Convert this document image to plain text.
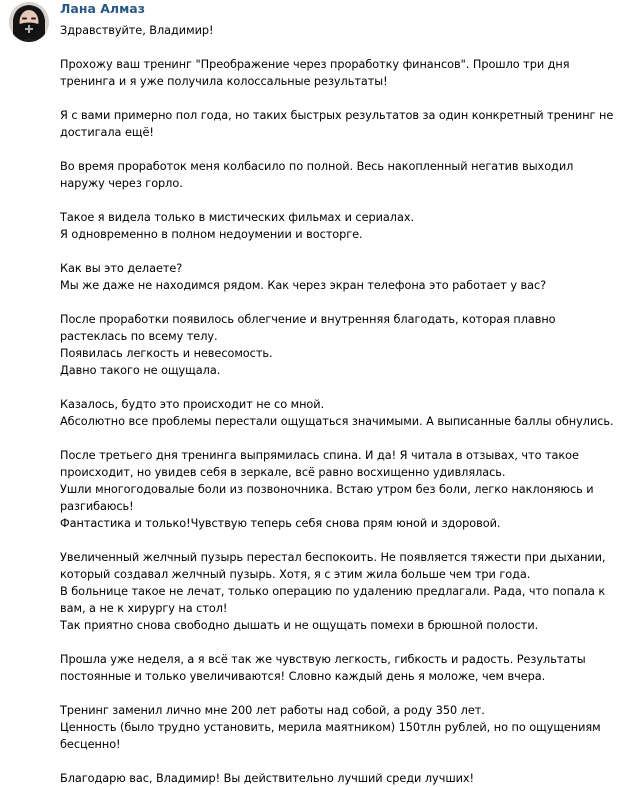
Лана Алмаз

Здравствуйте, Владимир!

Прохожу ваш тренинг "Преображение через проработку финансов". Прошло три дня тренинга и я уже получила колоссальные результаты!

Я с вами примерно пол года, но таких быстрых результатов за один конкретный тренинг не достигала ещё!

Во время проработок меня колбасило по полной. Весь накопленный негатив выходил наружу через горло.

Такое я видела только в мистических фильмах и сериалах.
Я одновременно в полном недоумении и восторге.

Как вы это делаете?
Мы же даже не находимся рядом. Как через экран телефона это работает у вас?

После проработки появилось облегчение и внутренняя благодать, которая плавно растеклась по всему телу.
Появилась легкость и невесомость.
Давно такого не ощущала.

Казалось, будто это происходит не со мной.
Абсолютно все проблемы перестали ощущаться значимыми. А выписанные баллы обнулись.

После третьего дня тренинга выпрямилась спина. И да! Я читала в отзывах, что такое происходит, но увидев себя в зеркале, всё равно восхищенно удивлялась.
Ушли многогодовалые боли из позвоночника. Встаю утром без боли, легко наклоняюсь и разгибаюсь!
Фантастика и только!Чувствую теперь себя снова прям юной и здоровой.

Увеличенный желчный пузырь перестал беспокоить. Не появляется тяжести при дыхании, который создавал желчный пузырь. Хотя, я с этим жила больше чем три года.
В больнице такое не лечат, только операцию по удалению предлагали. Рада, что попала к вам, а не к хирургу на стол!
Так приятно снова свободно дышать и не ощущать помехи в брюшной полости.

Прошла уже неделя, а я всё так же чувствую легкость, гибкость и радость. Результаты постоянные и только увеличиваются! Словно каждый день я моложе, чем вчера.

Тренинг заменил лично мне 200 лет работы над собой, а роду 350 лет.
Ценность (было трудно установить, мерила маятником) 150тлн рублей, но по ощущениям бесценно!

Благодарю вас, Владимир! Вы действительно лучший среди лучших!
